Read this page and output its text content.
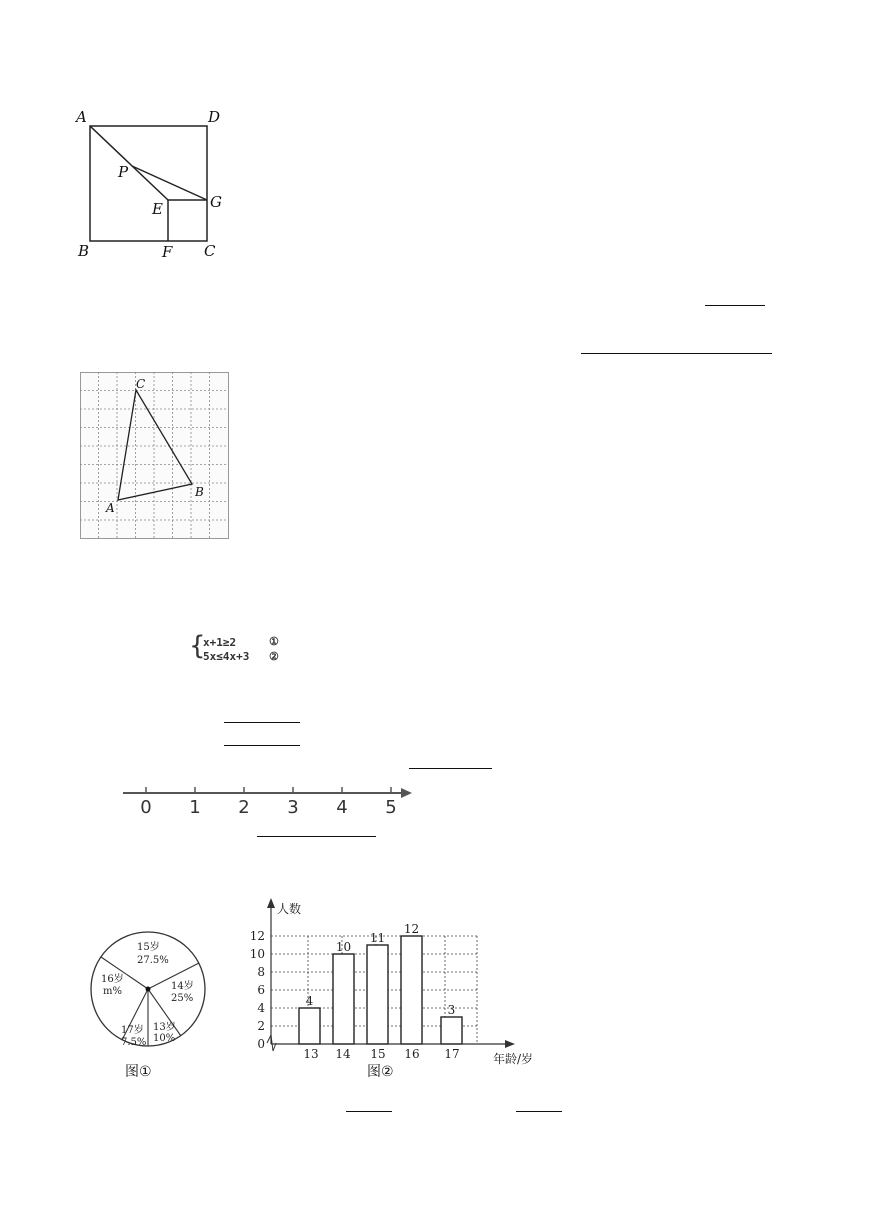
A	D
P
E	G
B	F C
C
B
A
{
x+1≥2
5x≤4x+3
①
②
0 1 2 3 4 5
15岁
27.5%
14岁
25%
13岁
10%
17岁
7.5%
16岁
m%
图①
0
2
4
6
8
10
12
4
13
10
14
11
15
12
16
3
17
人数
年龄/岁
图②
